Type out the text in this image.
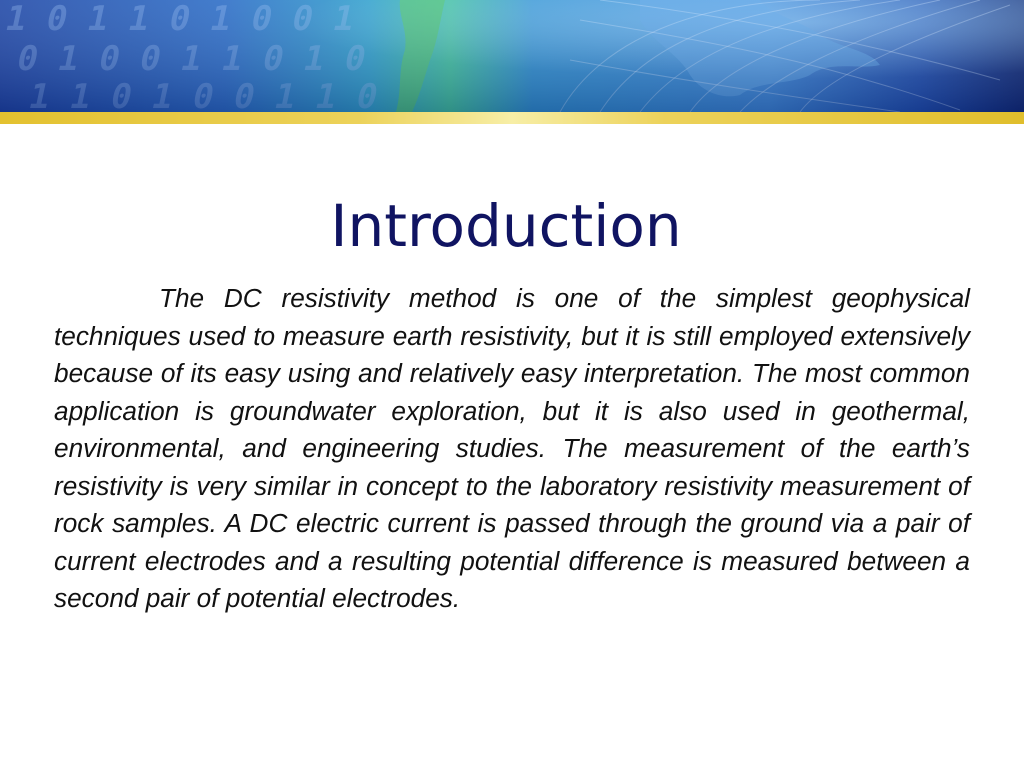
Introduction

The DC resistivity method is one of the simplest geophysical techniques used to measure earth resistivity, but it is still employed extensively because of its easy using and relatively easy interpretation. The most common application is groundwater exploration, but it is also used in geothermal, environmental, and engineering studies. The measurement of the earth’s resistivity is very similar in concept to the laboratory resistivity measurement of rock samples. A DC electric current is passed through the ground via a pair of current electrodes and a resulting potential difference is measured between a second pair of potential electrodes.
